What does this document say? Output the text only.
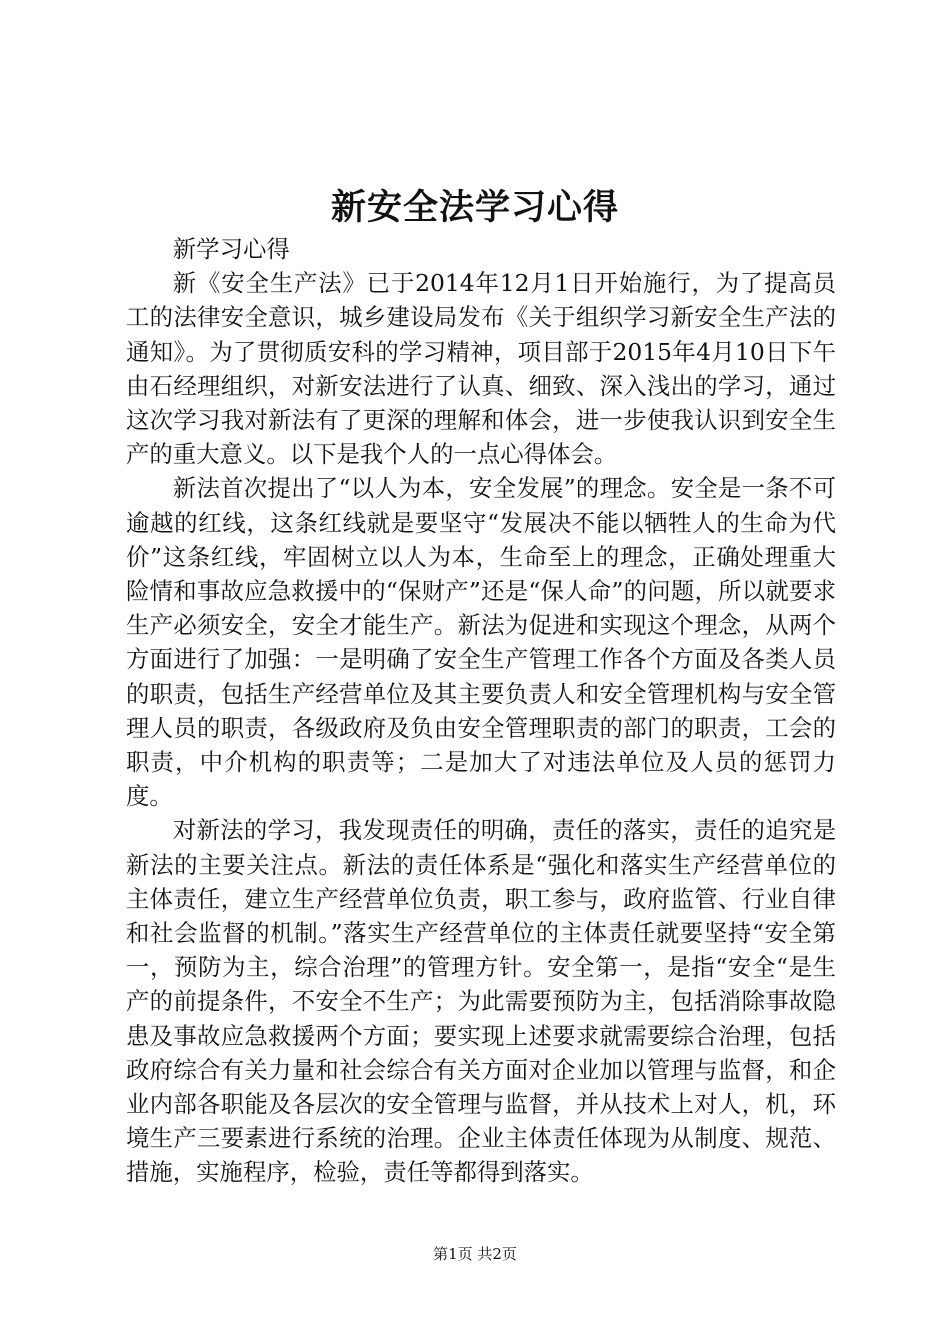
新安全法学习心得

新学习心得

新《安全生产法》已于2014年12月1日开始施行，为了提高员工的法律安全意识，城乡建设局发布《关于组织学习新安全生产法的通知》。为了贯彻质安科的学习精神，项目部于2015年4月10日下午由石经理组织，对新安法进行了认真、细致、深入浅出的学习，通过这次学习我对新法有了更深的理解和体会，进一步使我认识到安全生产的重大意义。以下是我个人的一点心得体会。

新法首次提出了“以人为本，安全发展”的理念。安全是一条不可逾越的红线，这条红线就是要坚守“发展决不能以牺牲人的生命为代价”这条红线，牢固树立以人为本，生命至上的理念，正确处理重大险情和事故应急救援中的“保财产”还是“保人命”的问题，所以就要求生产必须安全，安全才能生产。新法为促进和实现这个理念，从两个方面进行了加强：一是明确了安全生产管理工作各个方面及各类人员的职责，包括生产经营单位及其主要负责人和安全管理机构与安全管理人员的职责，各级政府及负由安全管理职责的部门的职责，工会的职责，中介机构的职责等；二是加大了对违法单位及人员的惩罚力度。

对新法的学习，我发现责任的明确，责任的落实，责任的追究是新法的主要关注点。新法的责任体系是“强化和落实生产经营单位的主体责任，建立生产经营单位负责，职工参与，政府监管、行业自律和社会监督的机制。”落实生产经营单位的主体责任就要坚持“安全第一，预防为主，综合治理”的管理方针。安全第一，是指“安全“是生产的前提条件，不安全不生产；为此需要预防为主，包括消除事故隐患及事故应急救援两个方面；要实现上述要求就需要综合治理，包括政府综合有关力量和社会综合有关方面对企业加以管理与监督，和企业内部各职能及各层次的安全管理与监督，并从技术上对人，机，环境生产三要素进行系统的治理。企业主体责任体现为从制度、规范、措施，实施程序，检验，责任等都得到落实。

第1页 共2页
